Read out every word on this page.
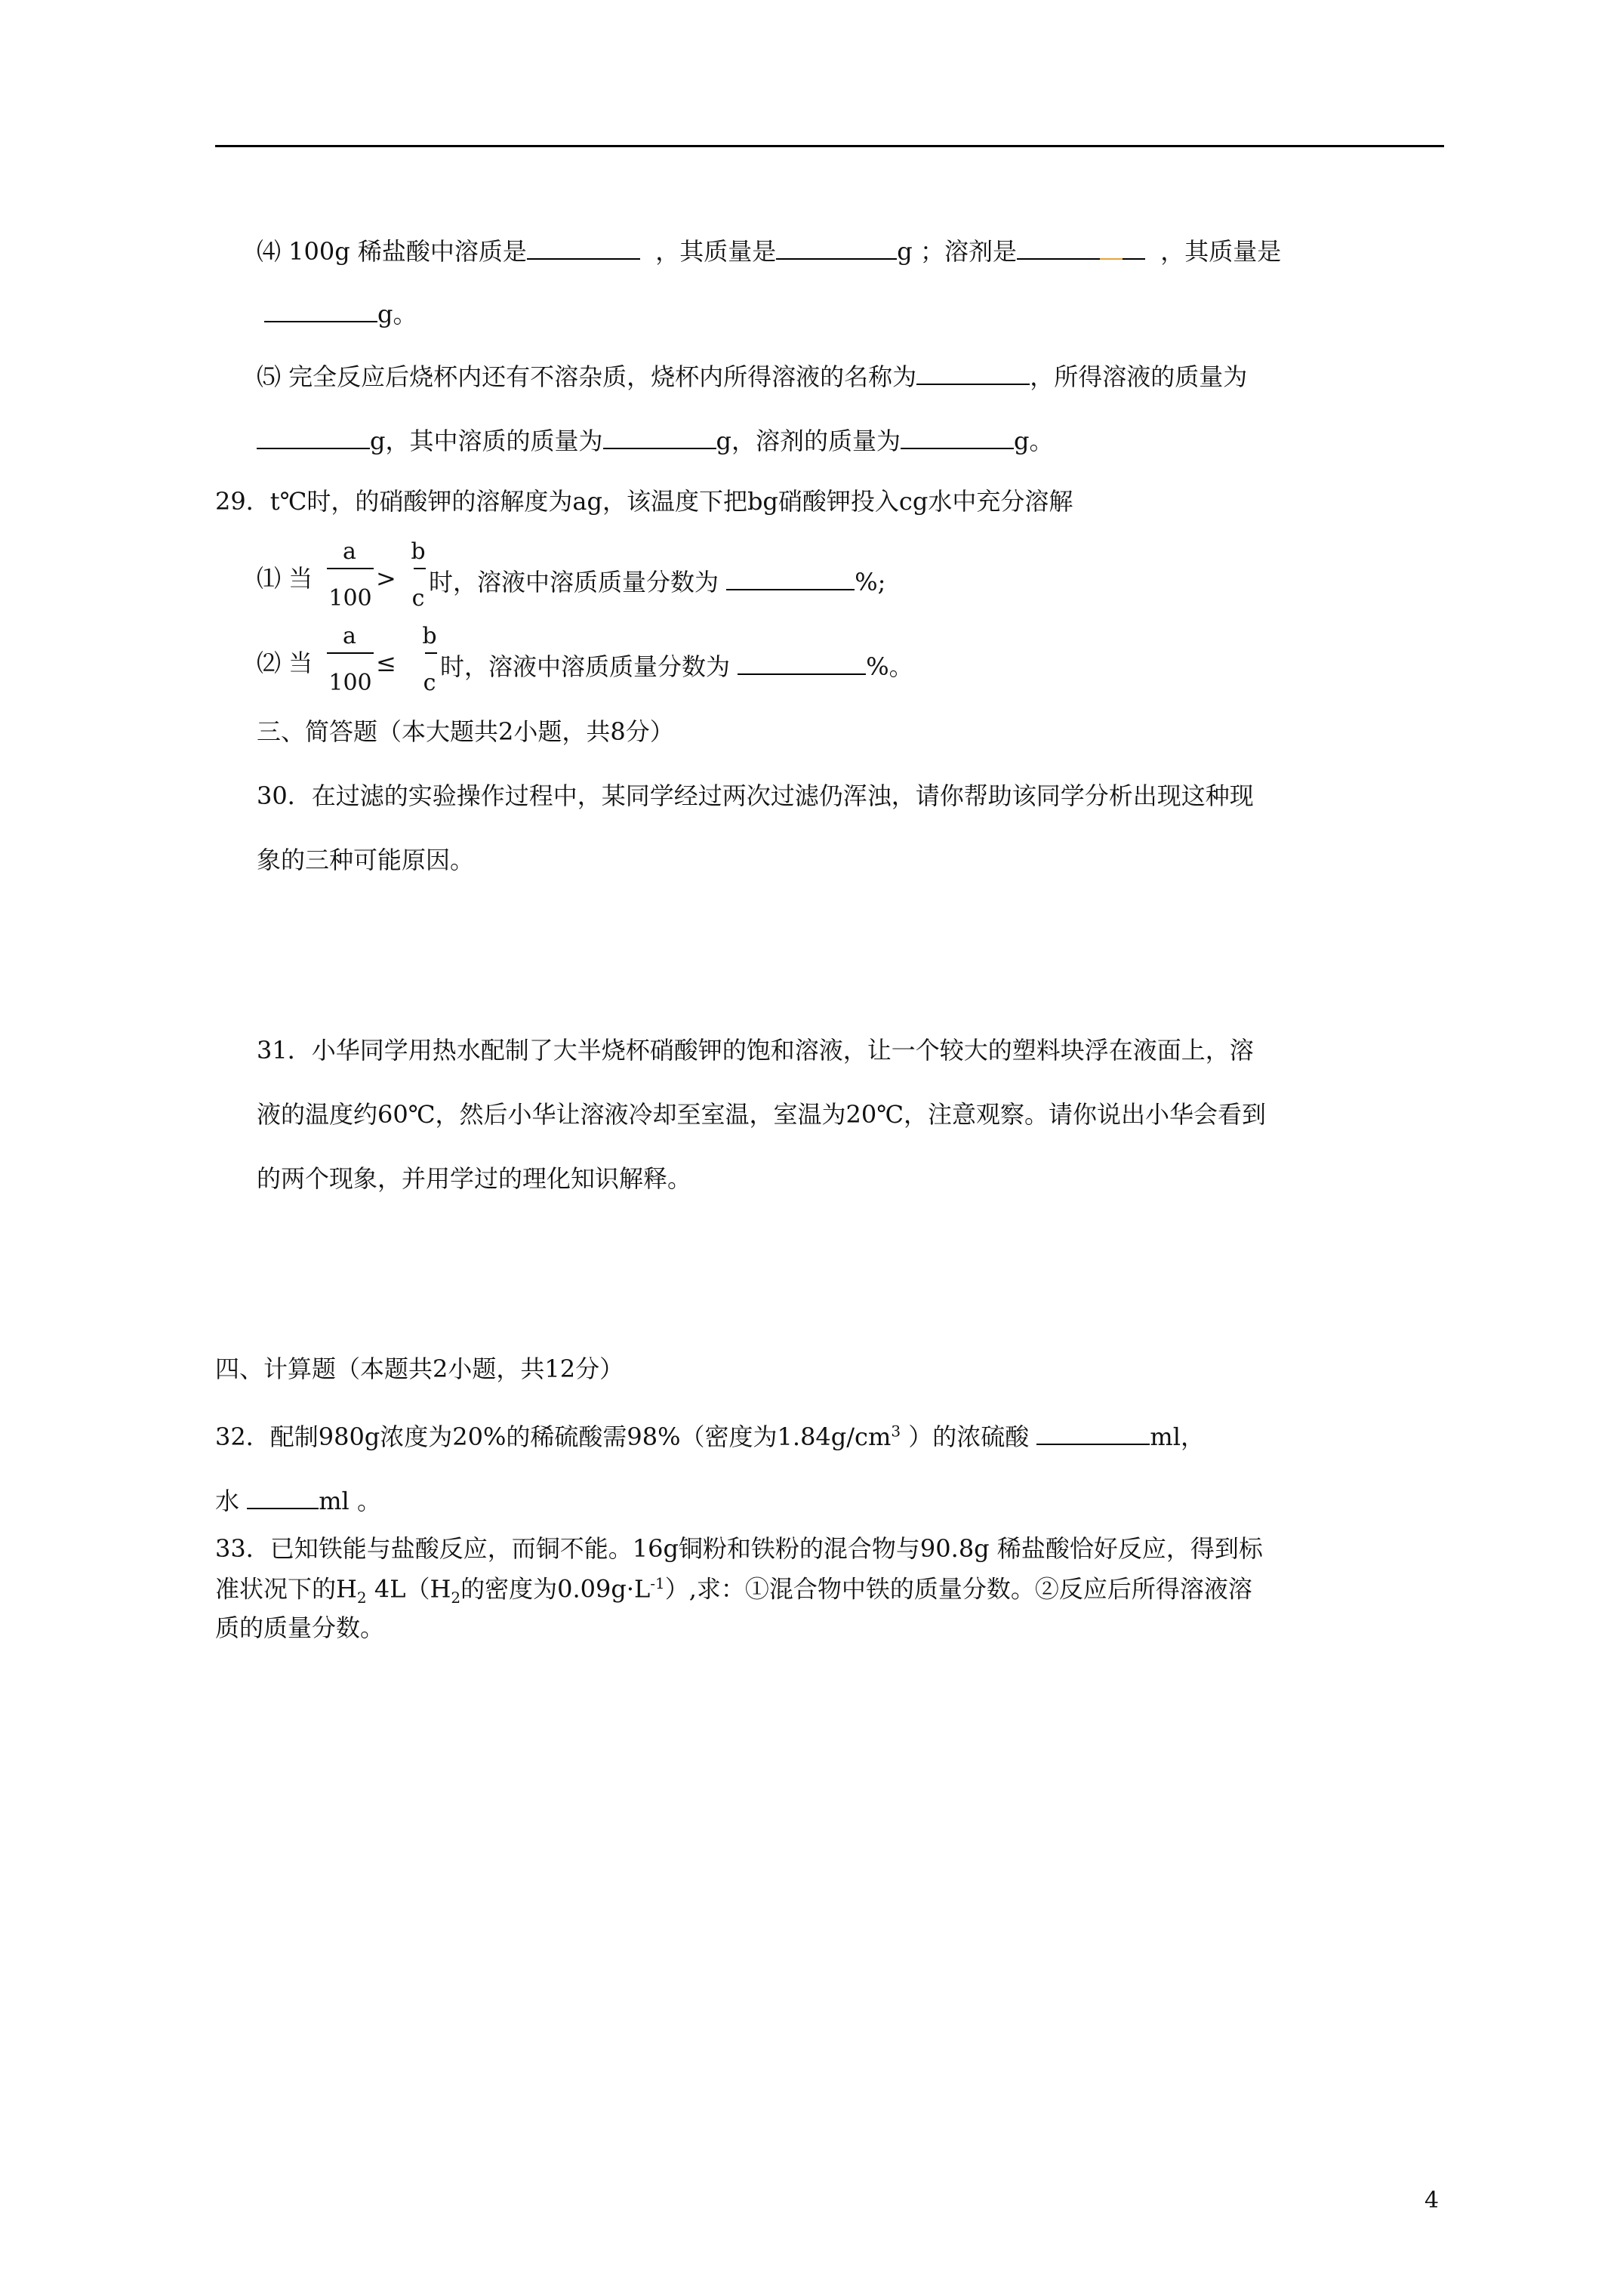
⑷ 100g 稀盐酸中溶质是	，其质量是	g ；溶剂是	，其质量是
g。
⑸ 完全反应后烧杯内还有不溶杂质，烧杯内所得溶液的名称为	，所得溶液的质量为
g，其中溶质的质量为	g，溶剂的质量为	g。
29．t℃时，的硝酸钾的溶解度为ag，该温度下把bg硝酸钾投入cg水中充分溶解
⑴ 当
a
100
>
b
c
时，溶液中溶质质量分数为	%;
⑵ 当
a
100
≤
b
c
时，溶液中溶质质量分数为	%。
三、简答题（本大题共2小题，共8分）
30．在过滤的实验操作过程中，某同学经过两次过滤仍浑浊，请你帮助该同学分析出现这种现
象的三种可能原因。
31．小华同学用热水配制了大半烧杯硝酸钾的饱和溶液，让一个较大的塑料块浮在液面上，溶
液的温度约60℃，然后小华让溶液冷却至室温，室温为20℃，注意观察。请你说出小华会看到
的两个现象，并用学过的理化知识解释。
四、计算题（本题共2小题，共12分）
32．配制980g浓度为20%的稀硫酸需98%（密度为$1.84g/cm^3$ ）的浓硫酸	ml，
水	ml 。
33．已知铁能与盐酸反应，而铜不能。16g铜粉和铁粉的混合物与90.8g 稀盐酸恰好反应，得到标
准状况下的$H_2$ $4L(H_2$的密度为$0.09g\cdot L^{-1}$）,求：①混合物中铁的质量分数。②反应后所得溶液溶
质的质量分数。
4
